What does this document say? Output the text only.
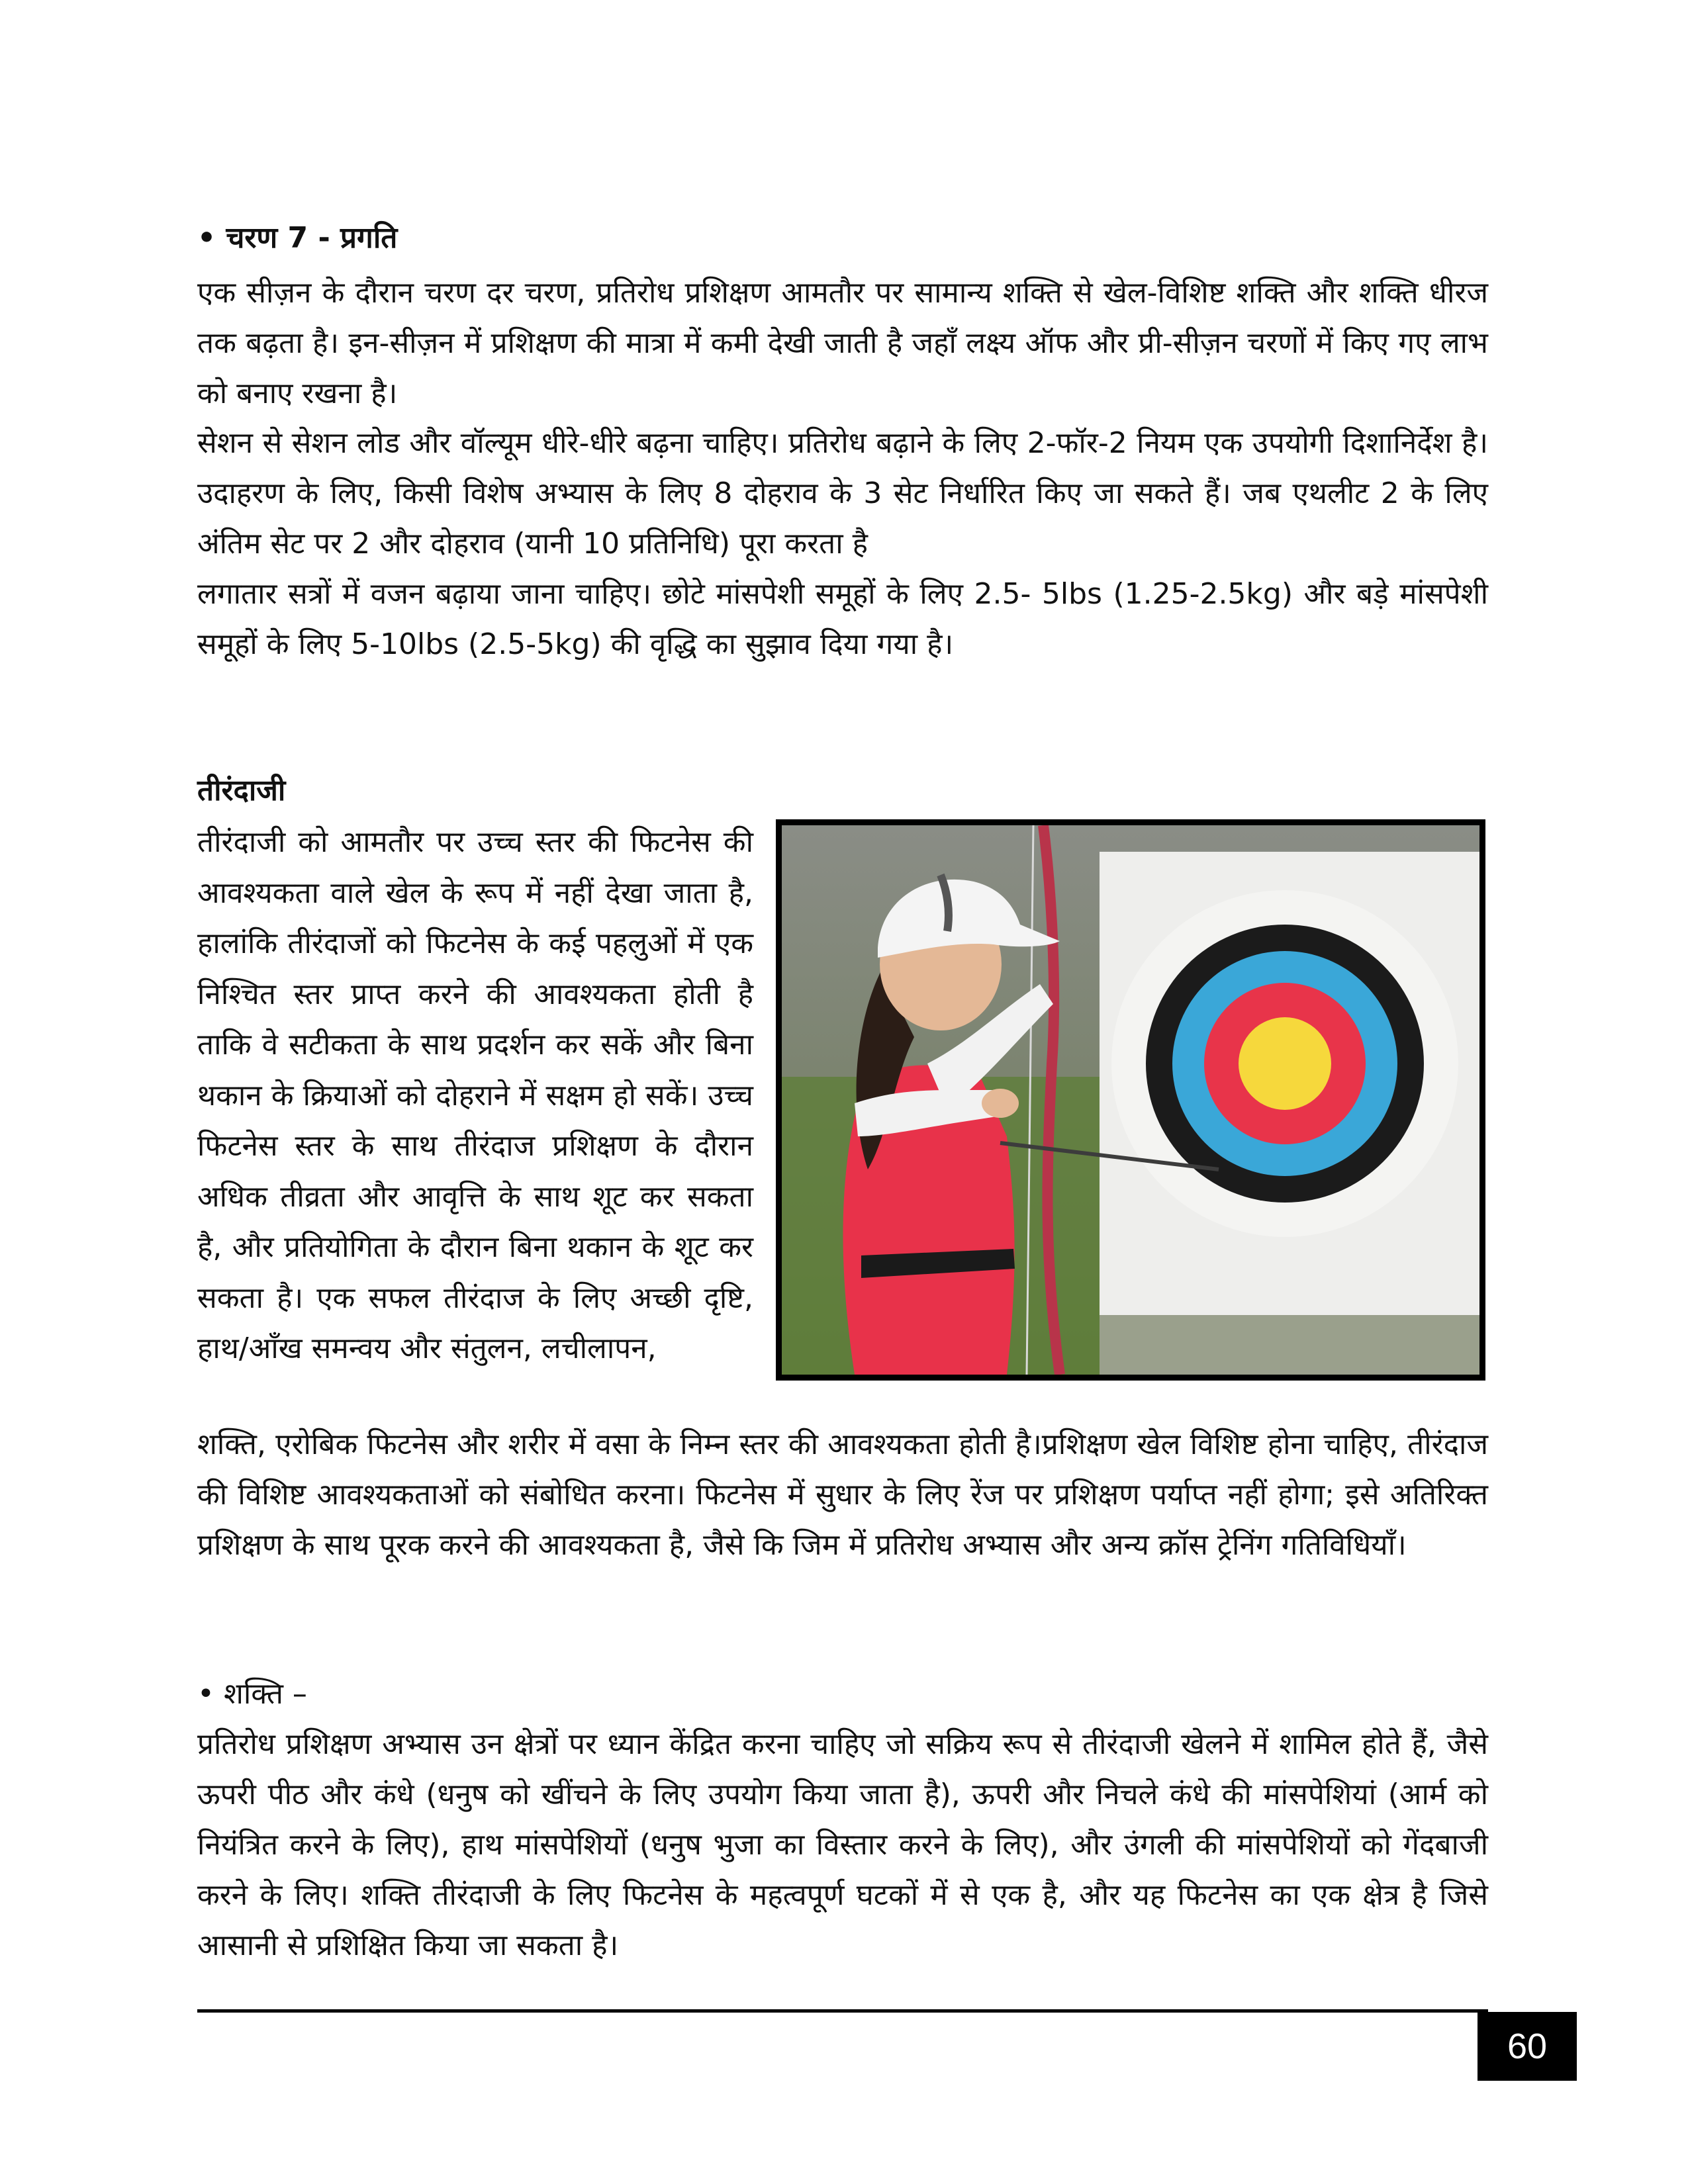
• चरण 7 - प्रगति

एक सीज़न के दौरान चरण दर चरण, प्रतिरोध प्रशिक्षण आमतौर पर सामान्य शक्ति से खेल-विशिष्ट शक्ति और शक्ति धीरज तक बढ़ता है। इन-सीज़न में प्रशिक्षण की मात्रा में कमी देखी जाती है जहाँ लक्ष्य ऑफ और प्री-सीज़न चरणों में किए गए लाभ को बनाए रखना है।

सेशन से सेशन लोड और वॉल्यूम धीरे-धीरे बढ़ना चाहिए। प्रतिरोध बढ़ाने के लिए 2-फॉर-2 नियम एक उपयोगी दिशानिर्देश है। उदाहरण के लिए, किसी विशेष अभ्यास के लिए 8 दोहराव के 3 सेट निर्धारित किए जा सकते हैं। जब एथलीट 2 के लिए अंतिम सेट पर 2 और दोहराव (यानी 10 प्रतिनिधि) पूरा करता है

लगातार सत्रों में वजन बढ़ाया जाना चाहिए। छोटे मांसपेशी समूहों के लिए 2.5- 5lbs (1.25-2.5kg) और बड़े मांसपेशी समूहों के लिए 5-10lbs (2.5-5kg) की वृद्धि का सुझाव दिया गया है।

तीरंदाजी

तीरंदाजी को आमतौर पर उच्च स्तर की फिटनेस की आवश्यकता वाले खेल के रूप में नहीं देखा जाता है, हालांकि तीरंदाजों को फिटनेस के कई पहलुओं में एक निश्चित स्तर प्राप्त करने की आवश्यकता होती है ताकि वे सटीकता के साथ प्रदर्शन कर सकें और बिना थकान के क्रियाओं को दोहराने में सक्षम हो सकें। उच्च फिटनेस स्तर के साथ तीरंदाज प्रशिक्षण के दौरान अधिक तीव्रता और आवृत्ति के साथ शूट कर सकता है, और प्रतियोगिता के दौरान बिना थकान के शूट कर सकता है। एक सफल तीरंदाज के लिए अच्छी दृष्टि, हाथ/आँख समन्वय और संतुलन, लचीलापन,

शक्ति, एरोबिक फिटनेस और शरीर में वसा के निम्न स्तर की आवश्यकता होती है।प्रशिक्षण खेल विशिष्ट होना चाहिए, तीरंदाज की विशिष्ट आवश्यकताओं को संबोधित करना। फिटनेस में सुधार के लिए रेंज पर प्रशिक्षण पर्याप्त नहीं होगा; इसे अतिरिक्त प्रशिक्षण के साथ पूरक करने की आवश्यकता है, जैसे कि जिम में प्रतिरोध अभ्यास और अन्य क्रॉस ट्रेनिंग गतिविधियाँ।

• शक्ति –

प्रतिरोध प्रशिक्षण अभ्यास उन क्षेत्रों पर ध्यान केंद्रित करना चाहिए जो सक्रिय रूप से तीरंदाजी खेलने में शामिल होते हैं, जैसे ऊपरी पीठ और कंधे (धनुष को खींचने के लिए उपयोग किया जाता है), ऊपरी और निचले कंधे की मांसपेशियां (आर्म को नियंत्रित करने के लिए), हाथ मांसपेशियों (धनुष भुजा का विस्तार करने के लिए), और उंगली की मांसपेशियों को गेंदबाजी करने के लिए। शक्ति तीरंदाजी के लिए फिटनेस के महत्वपूर्ण घटकों में से एक है, और यह फिटनेस का एक क्षेत्र है जिसे आसानी से प्रशिक्षित किया जा सकता है।

60
